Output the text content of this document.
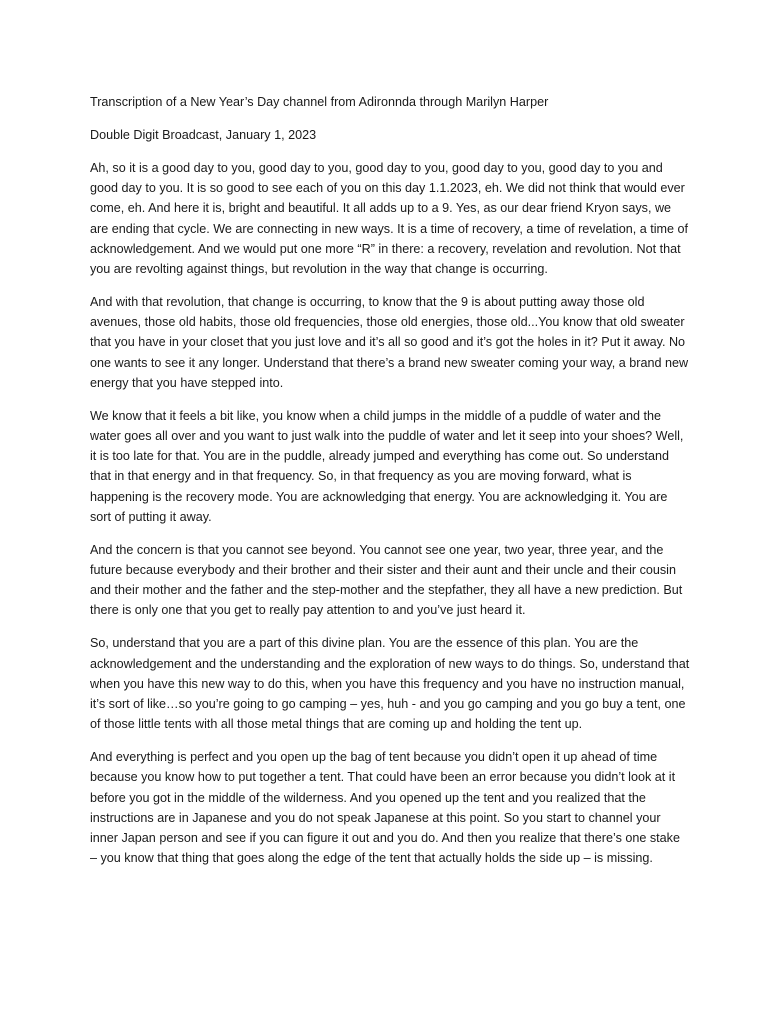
Transcription of a New Year’s Day channel from Adironnda through Marilyn Harper

Double Digit Broadcast, January 1, 2023

Ah, so it is a good day to you, good day to you, good day to you, good day to you, good day to you and good day to you. It is so good to see each of you on this day 1.1.2023, eh. We did not think that would ever come, eh. And here it is, bright and beautiful. It all adds up to a 9. Yes, as our dear friend Kryon says, we are ending that cycle. We are connecting in new ways. It is a time of recovery, a time of revelation, a time of acknowledgement. And we would put one more “R” in there: a recovery, revelation and revolution. Not that you are revolting against things, but revolution in the way that change is occurring.

And with that revolution, that change is occurring, to know that the 9 is about putting away those old avenues, those old habits, those old frequencies, those old energies, those old...You know that old sweater that you have in your closet that you just love and it’s all so good and it’s got the holes in it? Put it away. No one wants to see it any longer. Understand that there’s a brand new sweater coming your way, a brand new energy that you have stepped into.

We know that it feels a bit like, you know when a child jumps in the middle of a puddle of water and the water goes all over and you want to just walk into the puddle of water and let it seep into your shoes? Well, it is too late for that. You are in the puddle, already jumped and everything has come out. So understand that in that energy and in that frequency. So, in that frequency as you are moving forward, what is happening is the recovery mode. You are acknowledging that energy. You are acknowledging it. You are sort of putting it away.

And the concern is that you cannot see beyond. You cannot see one year, two year, three year, and the future because everybody and their brother and their sister and their aunt and their uncle and their cousin and their mother and the father and the step-mother and the stepfather, they all have a new prediction. But there is only one that you get to really pay attention to and you’ve just heard it.

So, understand that you are a part of this divine plan. You are the essence of this plan. You are the acknowledgement and the understanding and the exploration of new ways to do things. So, understand that when you have this new way to do this, when you have this frequency and you have no instruction manual, it’s sort of like…so you’re going to go camping – yes, huh - and you go camping and you go buy a tent, one of those little tents with all those metal things that are coming up and holding the tent up.

And everything is perfect and you open up the bag of tent because you didn’t open it up ahead of time because you know how to put together a tent. That could have been an error because you didn’t look at it before you got in the middle of the wilderness. And you opened up the tent and you realized that the instructions are in Japanese and you do not speak Japanese at this point. So you start to channel your inner Japan person and see if you can figure it out and you do. And then you realize that there’s one stake – you know that thing that goes along the edge of the tent that actually holds the side up – is missing.
